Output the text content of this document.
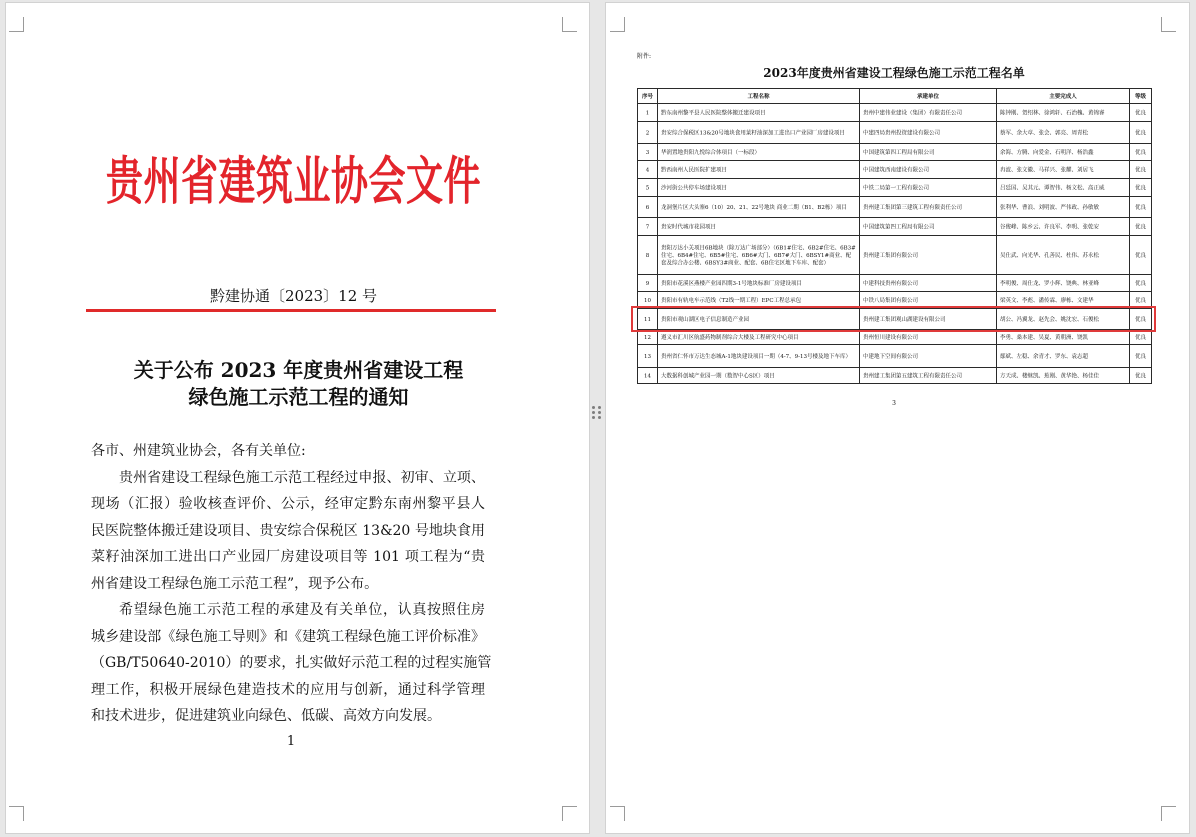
贵州省建筑业协会文件
黔建协通〔2023〕12 号
关于公布 2023 年度贵州省建设工程
绿色施工示范工程的通知
各市、州建筑业协会，各有关单位:
贵州省建设工程绿色施工示范工程经过申报、初审、立项、
现场（汇报）验收核查评价、公示，经审定黔东南州黎平县人
民医院整体搬迁建设项目、贵安综合保税区 13&20 号地块食用
菜籽油深加工进出口产业园厂房建设项目等 101 项工程为“贵
州省建设工程绿色施工示范工程”，现予公布。
希望绿色施工示范工程的承建及有关单位，认真按照住房
城乡建设部《绿色施工导则》和《建筑工程绿色施工评价标准》
（GB/T50640-2010）的要求，扎实做好示范工程的过程实施管
理工作，积极开展绿色建造技术的应用与创新，通过科学管理
和技术进步，促进建筑业向绿色、低碳、高效方向发展。
1
附件:
2023年度贵州省建设工程绿色施工示范工程名单
序号	工程名称	承建单位	主要完成人	等级
1	黔东南州黎平县人民医院整体搬迁建设项目	贵州中建伟业建设（集团）有限责任公司	陈钟刚、贺绍林、徐鸿轩、石治槐、黄锦睿	优良
2	贵安综合保税区13&20号地块食用菜籽油深加工进出口产业园厂房建设项目	中建四局贵州投资建设有限公司	蔡军、余大章、张会、郭亮、周青松	优良
3	华润置地贵阳九悦综合体项目（一标段）	中国建筑第四工程局有限公司	余海、方腾、向爱金、石明洋、杨浩鑫	优良
4	黔西南州人民医院扩建项目	中国建筑西南建设有限公司	冉波、张文徽、马祥兴、张耀、刘居飞	优良
5	沙河街公共停车场建设项目	中铁二局第一工程有限公司	吕廷国、吴其元、谭智伟、杨文松、高正威	优良
6	龙洞堡片区大头寨6（10）20、21、22号地块 商业二期（B1、B2栋）项目	贵州建工集团第三建筑工程有限责任公司	张利华、曹浪、刘明波、严伟政、孙敏敏	优良
7	贵安时代城市花园项目	中国建筑第四工程局有限公司	谷俊峰、陈乡云、许良军、李明、张乾安	优良
8	贵阳万达小关项目6B地块（除万达广场部分）（6B1#住宅、6B2#住宅、6B3#住宅、6B4#住宅、6B5#住宅、6B6#大门、6B7#大门、6BSY1#商业、配套及综合办公楼、6BSY3#商业、配套、6B住宅区地下车库、配套）	贵州建工集团有限公司	吴仕武、向光华、孔善民、杜伟、苏永松	优良
9	贵阳市花溪区燕楼产业园四期3-1号地块标准厂房建设项目	中建科技贵州有限公司	李明俊、周仕龙、罗小辉、饶典、林亚峰	优良
10	贵阳市有轨电车示范线（T2线一期工程）EPC工程总承包	中铁八局集团有限公司	梁英文、李彪、潘传霖、廖栋、文建华	优良
11	贵阳市观山湖区电子信息制造产业园	贵州建工集团观山湖建设有限公司	胡公、冯翼龙、赵先会、姚沈宏、石俊松	优良
12	遵义市汇川区航盛药物制剂综合大楼及工程研究中心项目	贵州恒川建设有限公司	李勇、桑本建、吴夏、黄朝洲、饶凯	优良
13	贵州省仁怀市万达生态城A-1地块建设项目一期（4-7、9-13号楼及地下车库）	中建地下空间有限公司	鄢斌、左稳、余青才、罗东、袁志超	优良
14	大数据科创城产业园一期（数智中心S区）项目	贵州建工集团第五建筑工程有限责任公司	方天成、楼继凯、蕉刚、黄华艳、杨佳佳	优良
3
